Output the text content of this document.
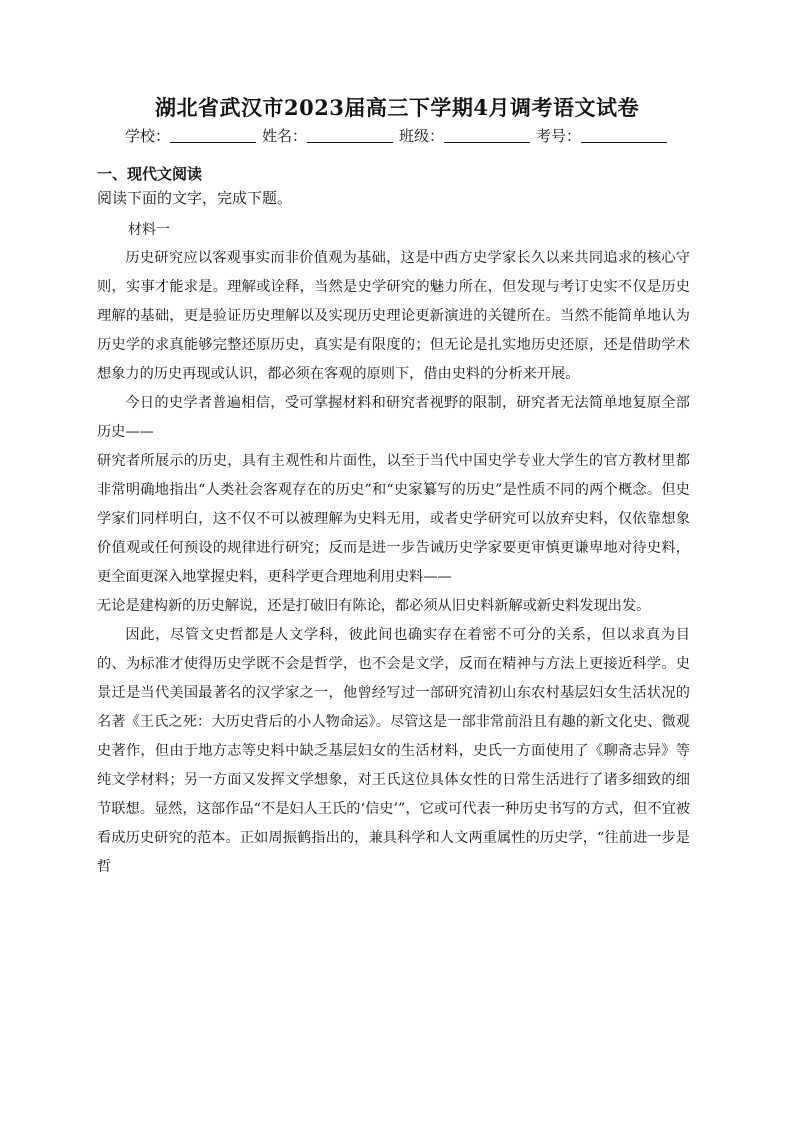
湖北省武汉市2023届高三下学期4月调考语文试卷
学校：	姓名：	班级：	考号：
一、现代文阅读
阅读下面的文字，完成下题。
材料一

历史研究应以客观事实而非价值观为基础，这是中西方史学家长久以来共同追求的核心守则，实事才能求是。理解或诠释，当然是史学研究的魅力所在，但发现与考订史实不仅是历史理解的基础，更是验证历史理解以及实现历史理论更新演进的关键所在。当然不能简单地认为历史学的求真能够完整还原历史，真实是有限度的；但无论是扎实地历史还原，还是借助学术想象力的历史再现或认识，都必须在客观的原则下，借由史料的分析来开展。

今日的史学者普遍相信，受可掌握材料和研究者视野的限制，研究者无法简单地复原全部历史——

研究者所展示的历史，具有主观性和片面性，以至于当代中国史学专业大学生的官方教材里都非常明确地指出“人类社会客观存在的历史”和“史家纂写的历史”是性质不同的两个概念。但史学家们同样明白，这不仅不可以被理解为史料无用，或者史学研究可以放弃史料，仅依靠想象价值观或任何预设的规律进行研究；反而是进一步告诫历史学家要更审慎更谦卑地对待史料，更全面更深入地掌握史料，更科学更合理地利用史料——

无论是建构新的历史解说，还是打破旧有陈论，都必须从旧史料新解或新史料发现出发。

因此，尽管文史哲都是人文学科，彼此间也确实存在着密不可分的关系，但以求真为目的、为标准才使得历史学既不会是哲学，也不会是文学，反而在精神与方法上更接近科学。史景迁是当代美国最著名的汉学家之一，他曾经写过一部研究清初山东农村基层妇女生活状况的名著《王氏之死：大历史背后的小人物命运》。尽管这是一部非常前沿且有趣的新文化史、微观史著作，但由于地方志等史料中缺乏基层妇女的生活材料，史氏一方面使用了《聊斋志异》等纯文学材料；另一方面又发挥文学想象，对王氏这位具体女性的日常生活进行了诸多细致的细节联想。显然，这部作品“不是妇人王氏的‘信史’”，它或可代表一种历史书写的方式，但不宜被看成历史研究的范本。正如周振鹤指出的，兼具科学和人文两重属性的历史学，“往前进一步是哲
